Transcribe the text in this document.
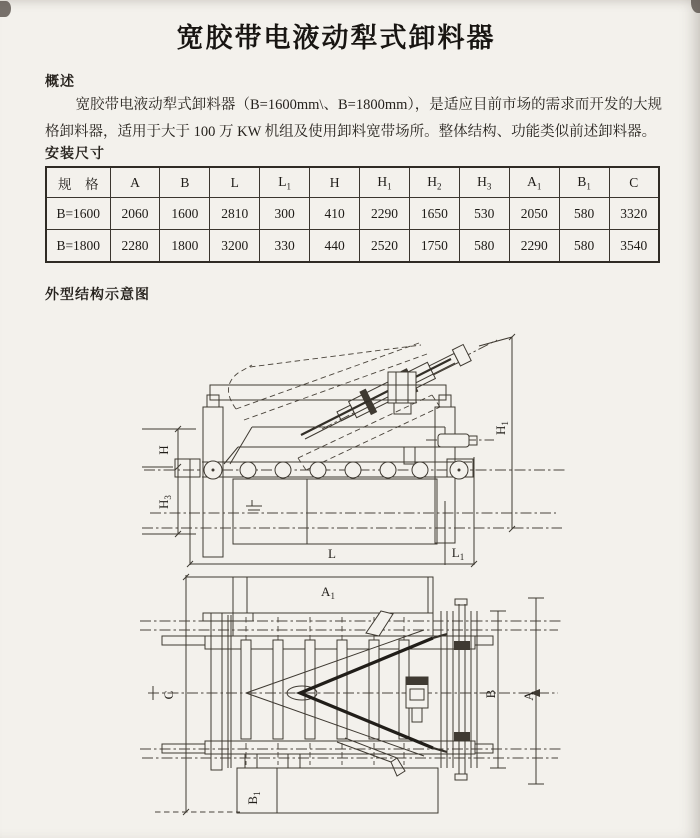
宽胶带电液动犁式卸料器
概述
宽胶带电液动犁式卸料器（B=1600mm\、B=1800mm），是适应目前市场的需求而开发的大规格卸料器，适用于大于 100 万 KW 机组及使用卸料宽带场所。整体结构、功能类似前述卸料器。
安装尺寸
规　格	A	B	L	$L_1$	H	$H_1$	$H_2$	$H_3$	$A_1$	$B_1$	C
B=1600	2060	1600	2810	300	410	2290	1650	530	2050	580	3320
B=1800	2280	1800	3200	330	440	2520	1750	580	2290	580	3540
外型结构示意图
H
$H_3$
$H_1$
L	$L_1$
C
$A_1$
B A
$B_1$
